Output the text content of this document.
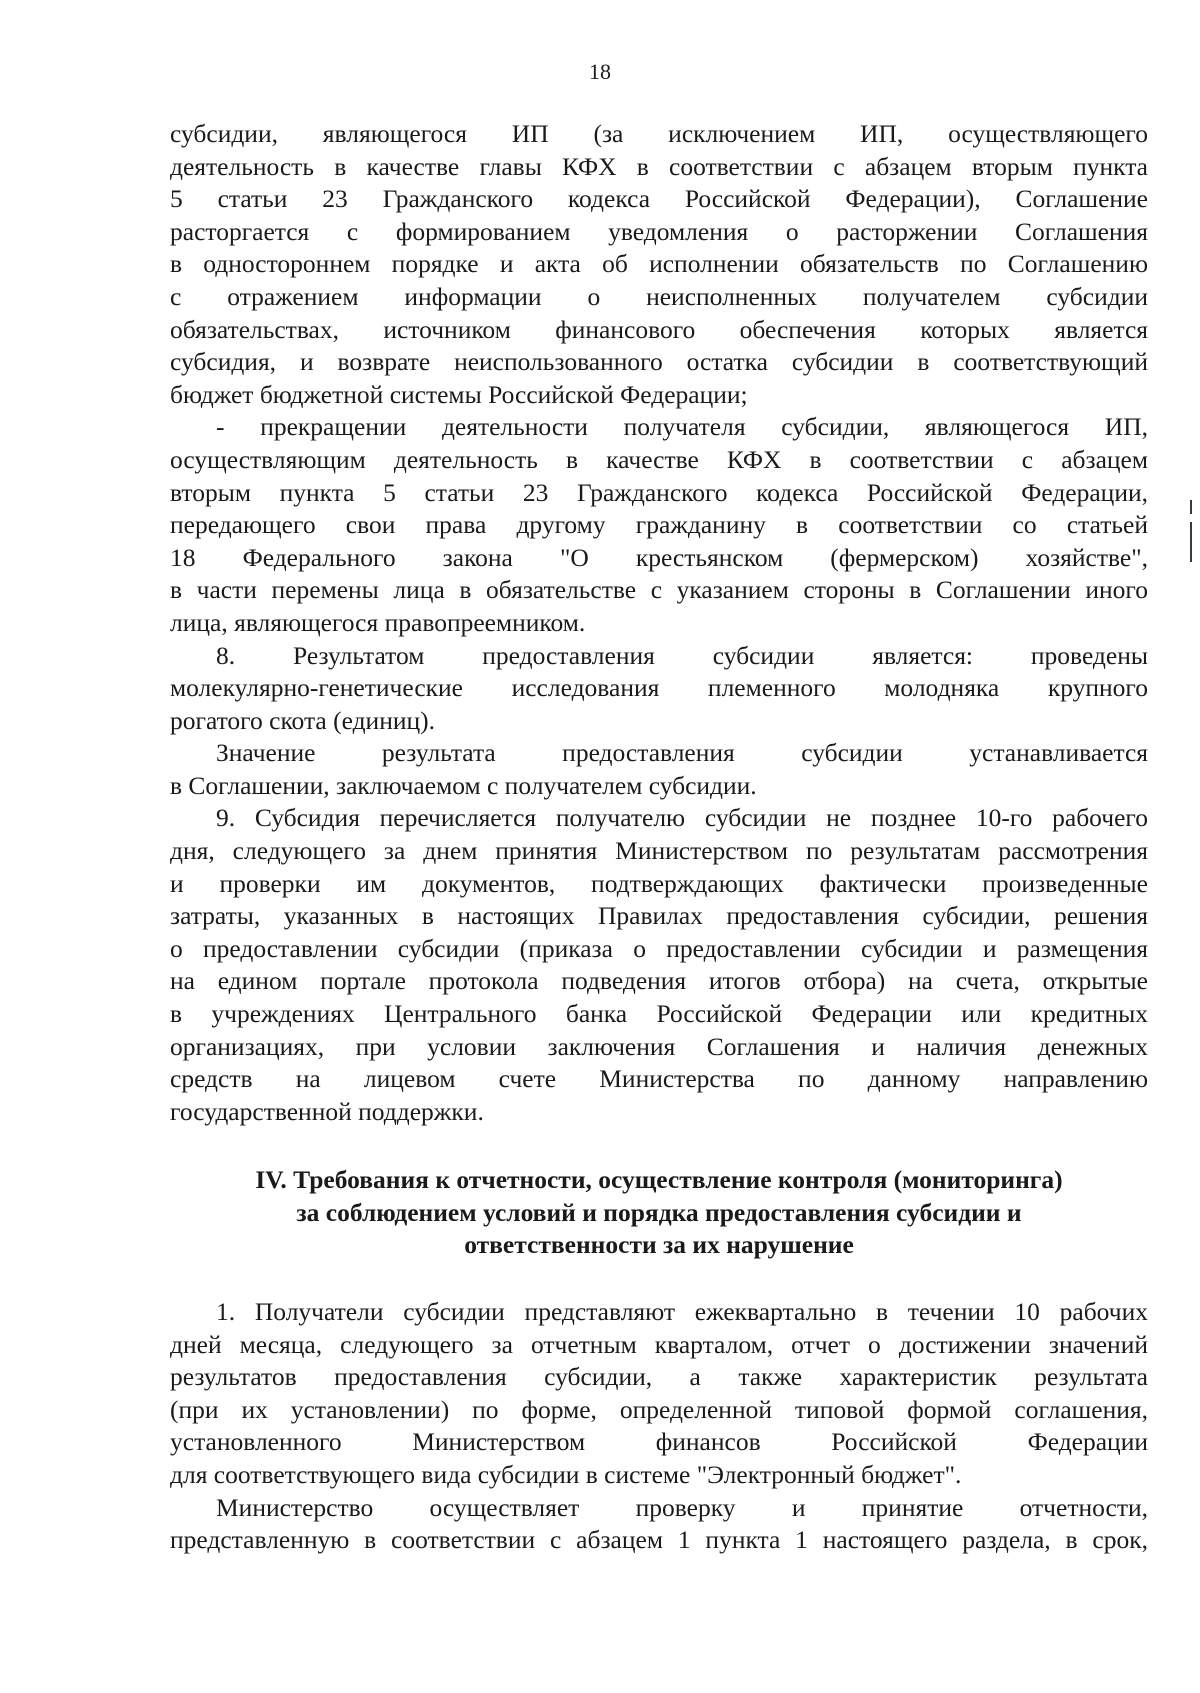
18
субсидии, являющегося ИП (за исключением ИП, осуществляющего
деятельность в качестве главы КФХ в соответствии с абзацем вторым пункта
5 статьи 23 Гражданского кодекса Российской Федерации), Соглашение
расторгается с формированием уведомления о расторжении Соглашения
в одностороннем порядке и акта об исполнении обязательств по Соглашению
с отражением информации о неисполненных получателем субсидии
обязательствах, источником финансового обеспечения которых является
субсидия, и возврате неиспользованного остатка субсидии в соответствующий
бюджет бюджетной системы Российской Федерации;
- прекращении деятельности получателя субсидии, являющегося ИП,
осуществляющим деятельность в качестве КФХ в соответствии с абзацем
вторым пункта 5 статьи 23 Гражданского кодекса Российской Федерации,
передающего свои права другому гражданину в соответствии со статьей
18 Федерального закона "О крестьянском (фермерском) хозяйстве",
в части перемены лица в обязательстве с указанием стороны в Соглашении иного
лица, являющегося правопреемником.
8. Результатом предоставления субсидии является: проведены
молекулярно-генетические исследования племенного молодняка крупного
рогатого скота (единиц).
Значение результата предоставления субсидии устанавливается
в Соглашении, заключаемом с получателем субсидии.
9. Субсидия перечисляется получателю субсидии не позднее 10-го рабочего
дня, следующего за днем принятия Министерством по результатам рассмотрения
и проверки им документов, подтверждающих фактически произведенные
затраты, указанных в настоящих Правилах предоставления субсидии, решения
о предоставлении субсидии (приказа о предоставлении субсидии и размещения
на едином портале протокола подведения итогов отбора) на счета, открытые
в учреждениях Центрального банка Российской Федерации или кредитных
организациях, при условии заключения Соглашения и наличия денежных
средств на лицевом счете Министерства по данному направлению
государственной поддержки.
IV. Требования к отчетности, осуществление контроля (мониторинга)
за соблюдением условий и порядка предоставления субсидии и
ответственности за их нарушение
1. Получатели субсидии представляют ежеквартально в течении 10 рабочих
дней месяца, следующего за отчетным кварталом, отчет о достижении значений
результатов предоставления субсидии, а также характеристик результата
(при их установлении) по форме, определенной типовой формой соглашения,
установленного Министерством финансов Российской Федерации
для соответствующего вида субсидии в системе "Электронный бюджет".
Министерство осуществляет проверку и принятие отчетности,
представленную в соответствии с абзацем 1 пункта 1 настоящего раздела, в срок,
